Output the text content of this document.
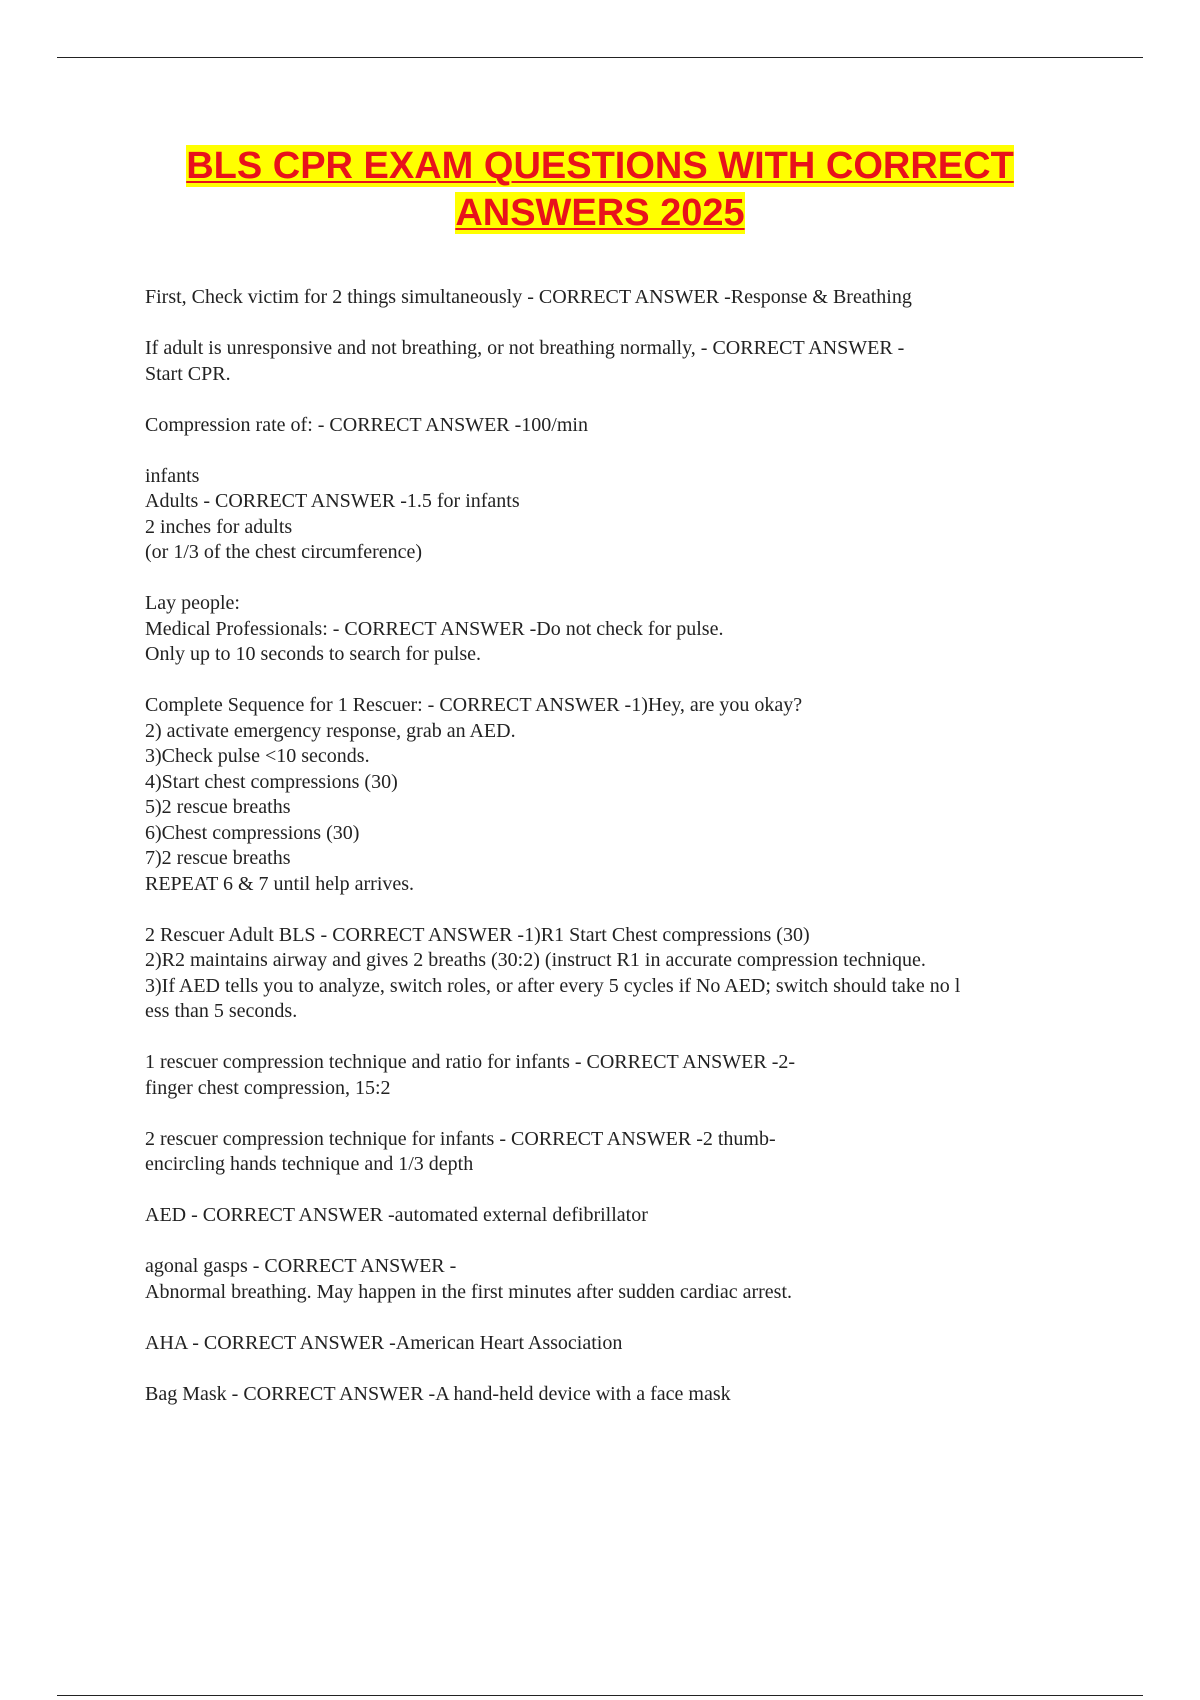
BLS CPR EXAM QUESTIONS WITH CORRECT
ANSWERS 2025
First, Check victim for 2 things simultaneously - CORRECT ANSWER -Response & Breathing
If adult is unresponsive and not breathing, or not breathing normally, - CORRECT ANSWER -
Start CPR.
Compression rate of: - CORRECT ANSWER -100/min
infants
Adults - CORRECT ANSWER -1.5 for infants
2 inches for adults
(or 1/3 of the chest circumference)
Lay people:
Medical Professionals: - CORRECT ANSWER -Do not check for pulse.
Only up to 10 seconds to search for pulse.
Complete Sequence for 1 Rescuer: - CORRECT ANSWER -1)Hey, are you okay?
2) activate emergency response, grab an AED.
3)Check pulse <10 seconds.
4)Start chest compressions (30)
5)2 rescue breaths
6)Chest compressions (30)
7)2 rescue breaths
REPEAT 6 & 7 until help arrives.
2 Rescuer Adult BLS - CORRECT ANSWER -1)R1 Start Chest compressions (30)
2)R2 maintains airway and gives 2 breaths (30:2) (instruct R1 in accurate compression technique.
3)If AED tells you to analyze, switch roles, or after every 5 cycles if No AED; switch should take no l
ess than 5 seconds.
1 rescuer compression technique and ratio for infants - CORRECT ANSWER -2-
finger chest compression, 15:2
2 rescuer compression technique for infants - CORRECT ANSWER -2 thumb-
encircling hands technique and 1/3 depth
AED - CORRECT ANSWER -automated external defibrillator
agonal gasps - CORRECT ANSWER -
Abnormal breathing. May happen in the first minutes after sudden cardiac arrest.
AHA - CORRECT ANSWER -American Heart Association
Bag Mask - CORRECT ANSWER -A hand-held device with a face mask
